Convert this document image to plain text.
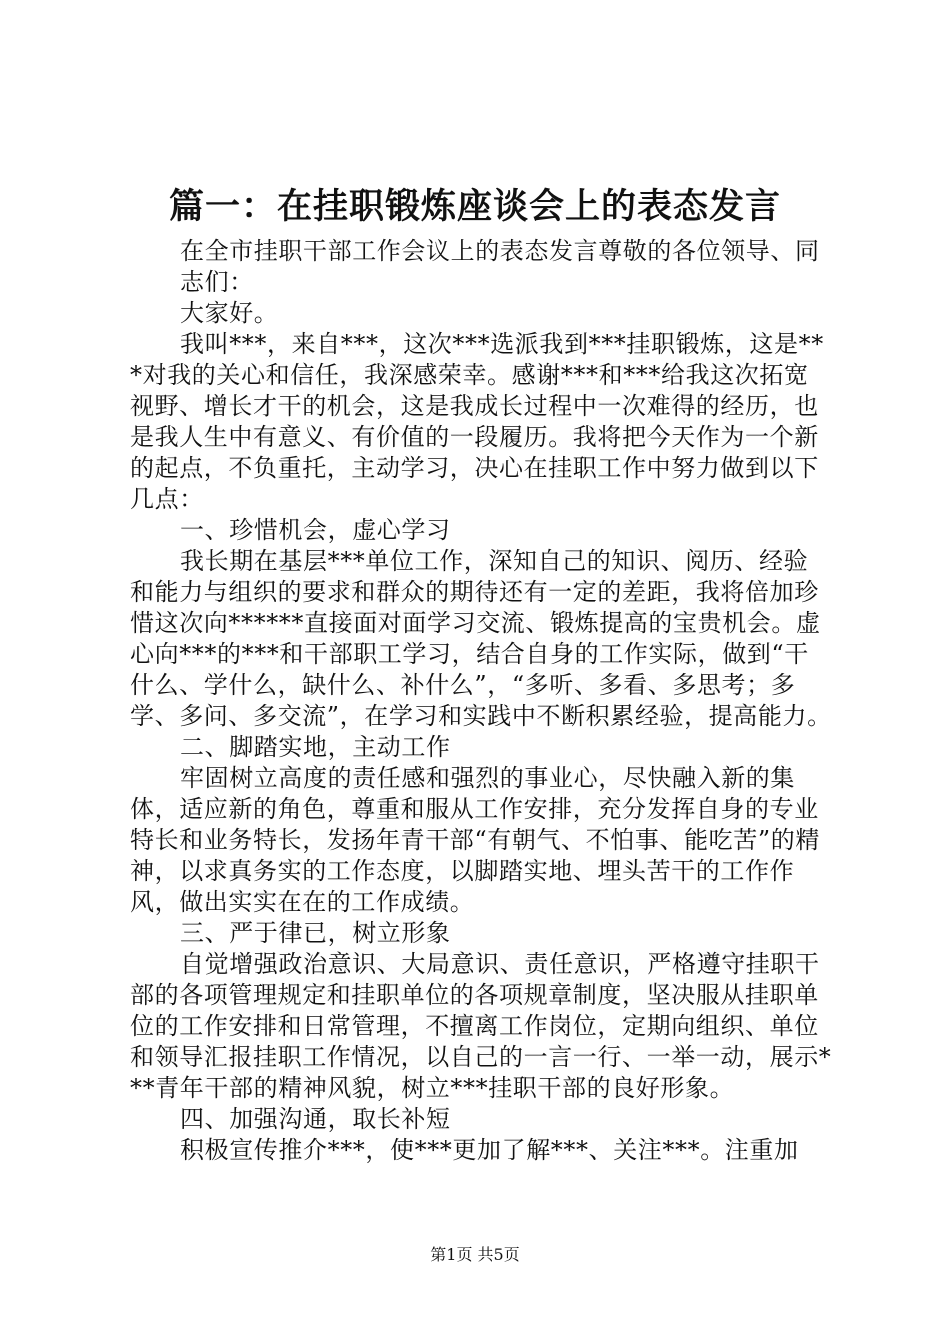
篇一：在挂职锻炼座谈会上的表态发言

在全市挂职干部工作会议上的表态发言尊敬的各位领导、同志们：

大家好。

我叫***，来自***，这次***选派我到***挂职锻炼，这是***对我的关心和信任，我深感荣幸。感谢***和***给我这次拓宽视野、增长才干的机会，这是我成长过程中一次难得的经历，也是我人生中有意义、有价值的一段履历。我将把今天作为一个新的起点，不负重托，主动学习，决心在挂职工作中努力做到以下几点：

一、珍惜机会，虚心学习

我长期在基层***单位工作，深知自己的知识、阅历、经验和能力与组织的要求和群众的期待还有一定的差距，我将倍加珍惜这次向******直接面对面学习交流、锻炼提高的宝贵机会。虚心向***的***和干部职工学习，结合自身的工作实际，做到“干什么、学什么，缺什么、补什么”，“多听、多看、多思考；多学、多问、多交流”，在学习和实践中不断积累经验，提高能力。

二、脚踏实地，主动工作

牢固树立高度的责任感和强烈的事业心，尽快融入新的集体，适应新的角色，尊重和服从工作安排，充分发挥自身的专业特长和业务特长，发扬年青干部“有朝气、不怕事、能吃苦”的精神，以求真务实的工作态度，以脚踏实地、埋头苦干的工作作风，做出实实在在的工作成绩。

三、严于律已，树立形象

自觉增强政治意识、大局意识、责任意识，严格遵守挂职干部的各项管理规定和挂职单位的各项规章制度，坚决服从挂职单位的工作安排和日常管理，不擅离工作岗位，定期向组织、单位和领导汇报挂职工作情况，以自己的一言一行、一举一动，展示***青年干部的精神风貌，树立***挂职干部的良好形象。

四、加强沟通，取长补短

积极宣传推介***，使***更加了解***、关注***。注重加

第1页 共5页
